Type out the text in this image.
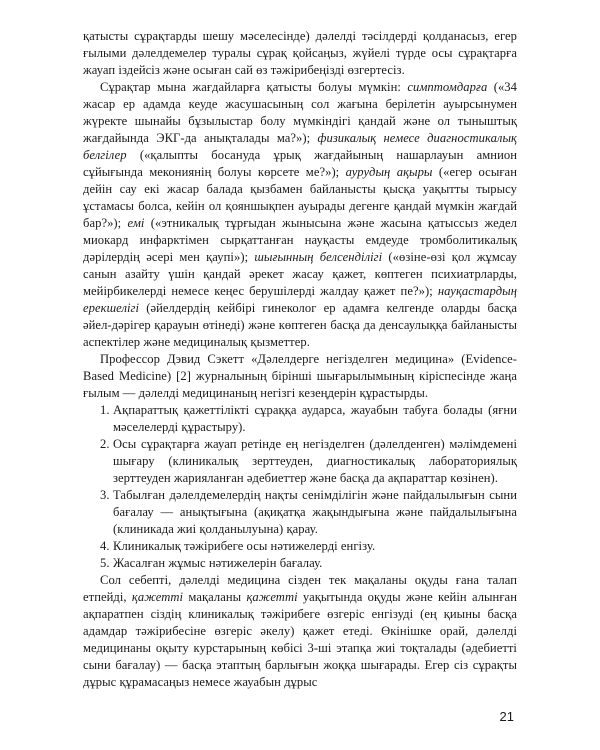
қатысты сұрақтарды шешу мәселесінде) дәлелді тәсілдерді қолданасыз, егер ғылыми дәлелдемелер туралы сұрақ қойсаңыз, жүйелі түрде осы сұрақтарға жауап іздейсіз және осыған сай өз тәжірибеңізді өзгертесіз.

Сұрақтар мына жағдайларға қатысты болуы мүмкін: симптомдарға («34 жасар ер адамда кеуде жасушасының сол жағына берілетін ауырсынумен жүректе шынайы бұзылыстар болу мүмкіндігі қандай және ол тыныштық жағдайында ЭКГ-да анықталады ма?»); физикалық немесе диагностикалық белгілер («қалыпты босануда ұрық жағдайының нашарлауын амнион сұйығында мекониянің болуы көрсете ме?»); аурудың ақыры («егер осыған дейін сау екі жасар балада қызбамен байланысты қысқа уақытты тырысу ұстамасы болса, кейін ол қояншықпен ауырады дегенге қандай мүмкін жағдай бар?»); емі («этникалық тұрғыдан жынысына және жасына қатыссыз жедел миокард инфарктімен сырқаттанған науқасты емдеуде тромболитикалық дәрілердің әсері мен қаупі»); шығынның белсенділігі («өзіне-өзі қол жұмсау санын азайту үшін қандай әрекет жасау қажет, көптеген психиатрларды, мейірбикелерді немесе кеңес берушілерді жалдау қажет пе?»); науқастардың ерекшелігі (әйелдердің кейбірі гинеколог ер адамға келгенде оларды басқа әйел-дәрігер қарауын өтінеді) және көптеген басқа да денсаулыққа байланысты аспектілер және медициналық қызметтер.

Профессор Дэвид Сэкетт «Дәлелдерге негізделген медицина» (Evidence-Based Medicine) [2] журналының бірінші шығарылымының кіріспесінде жаңа ғылым — дәлелді медицинаның негізгі кезеңдерін құрастырды.

1. Ақпараттық қажеттілікті сұраққа аударса, жауабын табуға болады (яғни мәселелерді құрастыру).
2. Осы сұрақтарға жауап ретінде ең негізделген (дәлелденген) мәлімдемені шығару (клиникалық зерттеуден, диагностикалық лабораториялық зерттеуден жарияланған әдебиеттер және басқа да ақпараттар көзінен).
3. Табылған дәлелдемелердің нақты сенімділігін және пайдалылығын сыни бағалау — анықтығына (ақиқатқа жақындығына және пайдалылығына (клиникада жиі қолданылуына) қарау.
4. Клиникалық тәжірибеге осы нәтижелерді енгізу.
5. Жасалған жұмыс нәтижелерін бағалау.

Сол себепті, дәлелді медицина сізден тек мақаланы оқуды ғана талап етпейді, қажетті мақаланы қажетті уақытында оқуды және кейін алынған ақпаратпен сіздің клиникалық тәжірибеге өзгеріс енгізуді (ең қиыны басқа адамдар тәжірибесіне өзгеріс әкелу) қажет етеді. Өкінішке орай, дәлелді медицинаны оқыту курстарының көбісі 3-ші этапқа жиі тоқталады (әдебиетті сыни бағалау) — басқа этаптың барлығын жоққа шығарады. Егер сіз сұрақты дұрыс құрамасаңыз немесе жауабын дұрыс

21
